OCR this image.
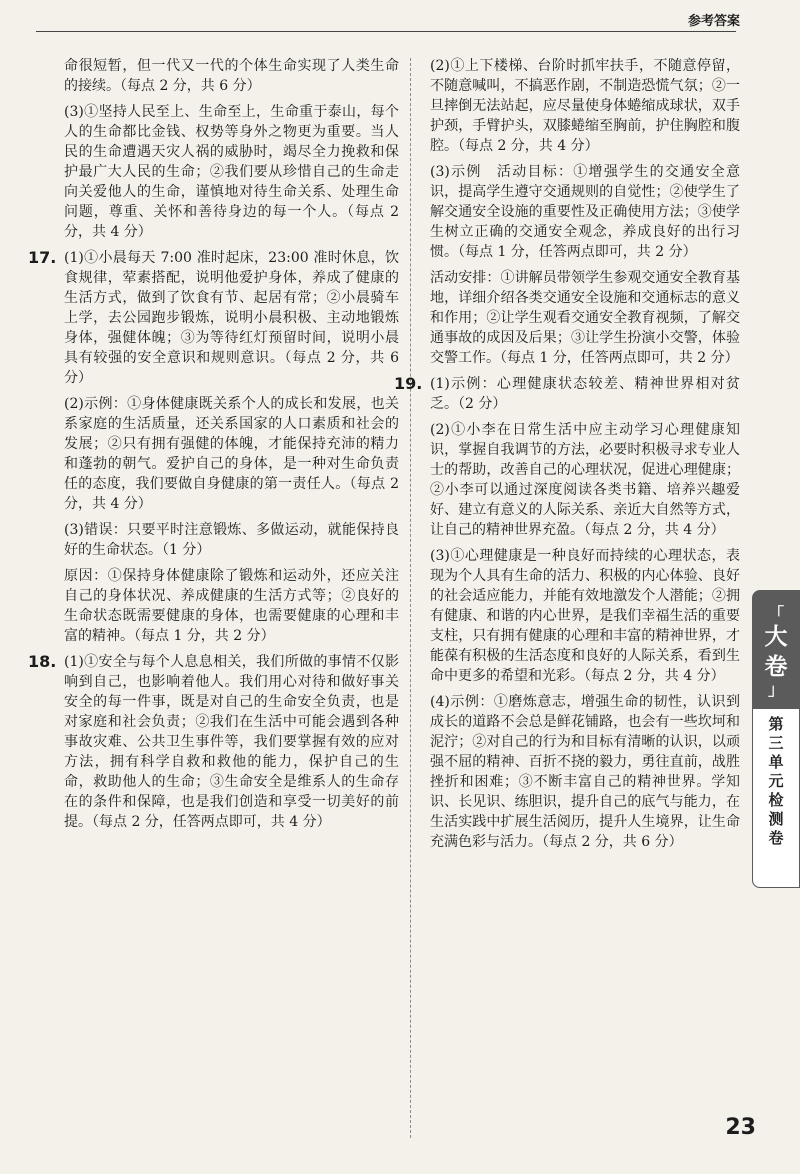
参考答案

命很短暂，但一代又一代的个体生命实现了人类生命的接续。（每点 2 分，共 6 分）

(3)①坚持人民至上、生命至上，生命重于泰山，每个人的生命都比金钱、权势等身外之物更为重要。当人民的生命遭遇天灾人祸的威胁时，竭尽全力挽救和保护最广大人民的生命；②我们要从珍惜自己的生命走向关爱他人的生命，谨慎地对待生命关系、处理生命问题，尊重、关怀和善待身边的每一个人。（每点 2 分，共 4 分）

17. (1)①小晨每天 7:00 准时起床，23:00 准时休息，饮食规律，荤素搭配，说明他爱护身体，养成了健康的生活方式，做到了饮食有节、起居有常；②小晨骑车上学，去公园跑步锻炼，说明小晨积极、主动地锻炼身体，强健体魄；③为等待红灯预留时间，说明小晨具有较强的安全意识和规则意识。（每点 2 分，共 6 分）

(2)示例：①身体健康既关系个人的成长和发展，也关系家庭的生活质量，还关系国家的人口素质和社会的发展；②只有拥有强健的体魄，才能保持充沛的精力和蓬勃的朝气。爱护自己的身体，是一种对生命负责任的态度，我们要做自身健康的第一责任人。（每点 2 分，共 4 分）

(3)错误：只要平时注意锻炼、多做运动，就能保持良好的生命状态。（1 分）

原因：①保持身体健康除了锻炼和运动外，还应关注自己的身体状况、养成健康的生活方式等；②良好的生命状态既需要健康的身体，也需要健康的心理和丰富的精神。（每点 1 分，共 2 分）

18. (1)①安全与每个人息息相关，我们所做的事情不仅影响到自己，也影响着他人。我们用心对待和做好事关安全的每一件事，既是对自己的生命安全负责，也是对家庭和社会负责；②我们在生活中可能会遇到各种事故灾难、公共卫生事件等，我们要掌握有效的应对方法，拥有科学自救和救他的能力，保护自己的生命，救助他人的生命；③生命安全是维系人的生命存在的条件和保障，也是我们创造和享受一切美好的前提。（每点 2 分，任答两点即可，共 4 分）

(2)①上下楼梯、台阶时抓牢扶手，不随意停留，不随意喊叫，不搞恶作剧，不制造恐慌气氛；②一旦摔倒无法站起，应尽量使身体蜷缩成球状，双手护颈，手臂护头，双膝蜷缩至胸前，护住胸腔和腹腔。（每点 2 分，共 4 分）

(3)示例　活动目标：①增强学生的交通安全意识，提高学生遵守交通规则的自觉性；②使学生了解交通安全设施的重要性及正确使用方法；③使学生树立正确的交通安全观念，养成良好的出行习惯。（每点 1 分，任答两点即可，共 2 分）

活动安排：①讲解员带领学生参观交通安全教育基地，详细介绍各类交通安全设施和交通标志的意义和作用；②让学生观看交通安全教育视频，了解交通事故的成因及后果；③让学生扮演小交警，体验交警工作。（每点 1 分，任答两点即可，共 2 分）

19. (1)示例：心理健康状态较差、精神世界相对贫乏。（2 分）

(2)①小李在日常生活中应主动学习心理健康知识，掌握自我调节的方法，必要时积极寻求专业人士的帮助，改善自己的心理状况，促进心理健康；②小李可以通过深度阅读各类书籍、培养兴趣爱好、建立有意义的人际关系、亲近大自然等方式，让自己的精神世界充盈。（每点 2 分，共 4 分）

(3)①心理健康是一种良好而持续的心理状态，表现为个人具有生命的活力、积极的内心体验、良好的社会适应能力，并能有效地激发个人潜能；②拥有健康、和谐的内心世界，是我们幸福生活的重要支柱，只有拥有健康的心理和丰富的精神世界，才能葆有积极的生活态度和良好的人际关系，看到生命中更多的希望和光彩。（每点 2 分，共 4 分）

(4)示例：①磨炼意志，增强生命的韧性，认识到成长的道路不会总是鲜花铺路，也会有一些坎坷和泥泞；②对自己的行为和目标有清晰的认识，以顽强不屈的精神、百折不挠的毅力，勇往直前，战胜挫折和困难；③不断丰富自己的精神世界。学知识、长见识、练胆识，提升自己的底气与能力，在生活实践中扩展生活阅历，提升人生境界，让生命充满色彩与活力。（每点 2 分，共 6 分）

「
大
卷
」
第
三
单
元
检
测
卷
23
